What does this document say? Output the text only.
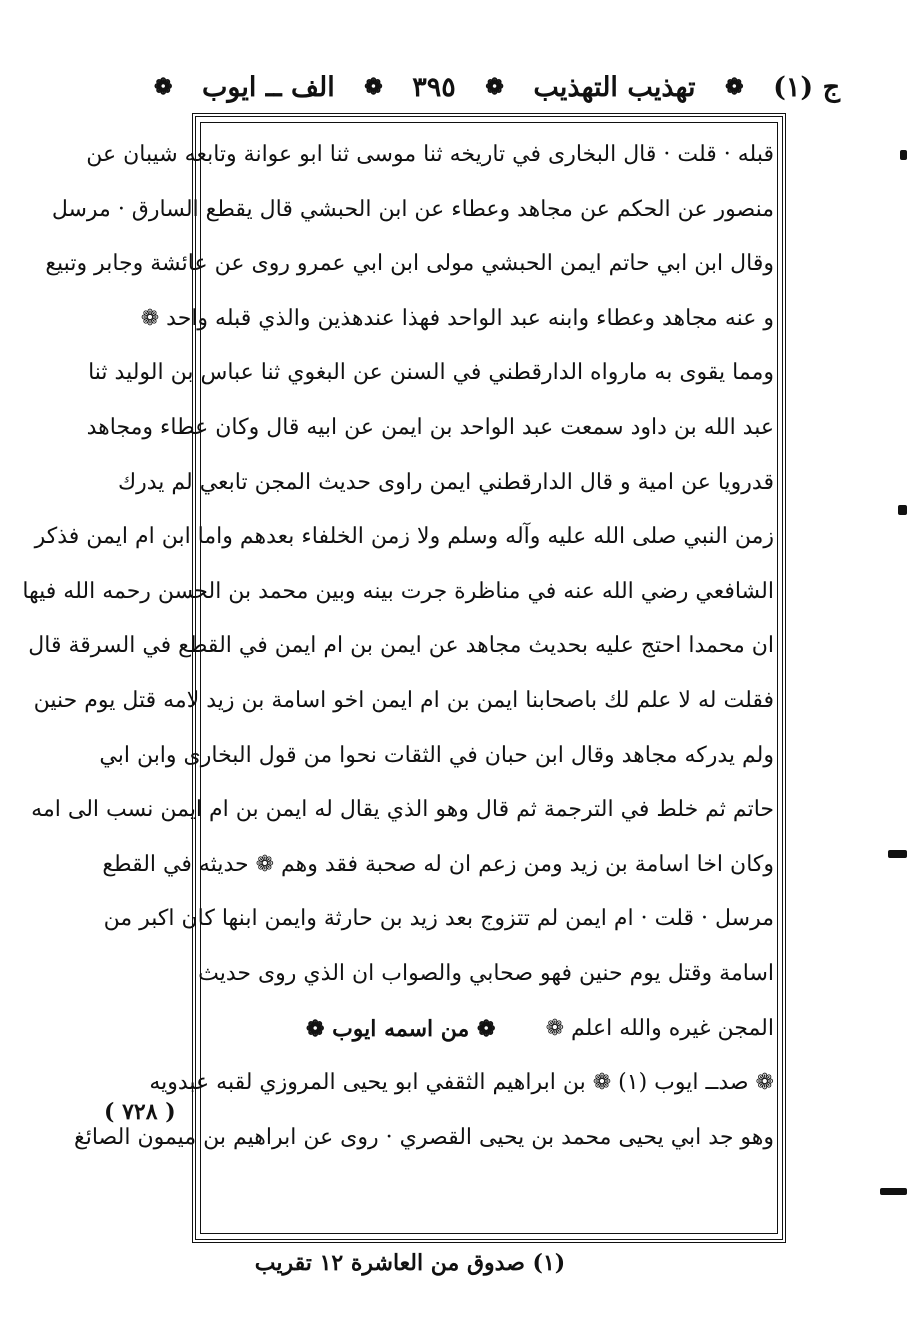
ج (١)
❁
تهذيب التهذيب
❁
٣٩٥
❁
الف ــ ايوب
❁
قبله · قلت · قال البخارى في تاريخه ثنا موسى ثنا ابو عوانة وتابعه شيبان عن
منصور عن الحكم عن مجاهد وعطاء عن ابن الحبشي قال يقطع السارق · مرسل
وقال ابن ابي حاتم ايمن الحبشي مولى ابن ابي عمرو روى عن عائشة وجابر وتبيع
و عنه مجاهد وعطاء وابنه عبد الواحد فهذا عندهذين والذي قبله واحد ❁
ومما يقوى به مارواه الدارقطني في السنن عن البغوي ثنا عباس بن الوليد ثنا
عبد الله بن داود سمعت عبد الواحد بن ايمن عن ابيه قال وكان عطاء ومجاهد
قدرويا عن امية و قال الدارقطني ايمن راوى حديث المجن تابعي لم يدرك
زمن النبي صلى الله عليه وآله وسلم ولا زمن الخلفاء بعدهم واما ابن ام ايمن فذكر
الشافعي رضي الله عنه في مناظرة جرت بينه وبين محمد بن الحسن رحمه الله فيها
ان محمدا احتج عليه بحديث مجاهد عن ايمن بن ام ايمن في القطع في السرقة قال
فقلت له لا علم لك باصحابنا ايمن بن ام ايمن اخو اسامة بن زيد لامه قتل يوم حنين
ولم يدركه مجاهد وقال ابن حبان في الثقات نحوا من قول البخارى وابن ابي
حاتم ثم خلط في الترجمة ثم قال وهو الذي يقال له ايمن بن ام ايمن نسب الى امه
وكان اخا اسامة بن زيد ومن زعم ان له صحبة فقد وهم ❁ حديثه في القطع
مرسل · قلت · ام ايمن لم تتزوج بعد زيد بن حارثة وايمن ابنها كان اكبر من
اسامة وقتل يوم حنين فهو صحابي والصواب ان الذي روى حديث
المجن غيره والله اعلم ❁
❁ من اسمه ايوب ❁
❁ صدــ ايوب (١) ❁ بن ابراهيم الثقفي ابو يحيى المروزي لقبه عبدويه
وهو جد ابي يحيى محمد بن يحيى القصري · روى عن ابراهيم بن ميمون الصائغ
( ٧٢٨ )
(١) صدوق من العاشرة ١٢ تقريب
